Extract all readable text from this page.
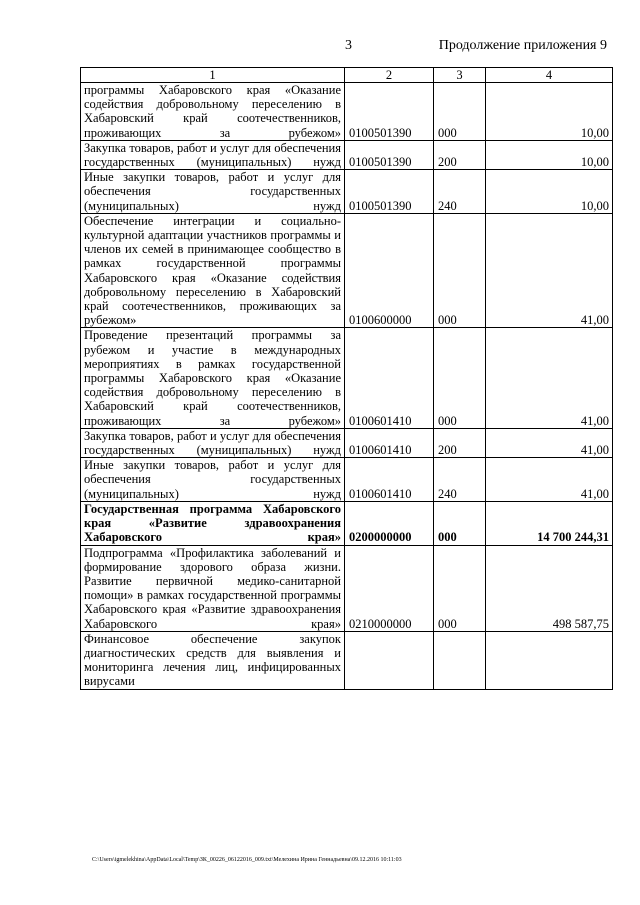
3	Продолжение приложения 9
1	2	3	4
программы Хабаровского края «Оказание содействия добровольному переселению в Хабаровский край соотечественников, проживающих за рубежом»	0100501390	000	10,00
Закупка товаров, работ и услуг для обеспечения государственных (муниципальных) нужд	0100501390	200	10,00
Иные закупки товаров, работ и услуг для обеспечения государственных (муниципальных) нужд	0100501390	240	10,00
Обеспечение интеграции и социально-культурной адаптации участников программы и членов их семей в принимающее сообщество в рамках государственной программы Хабаровского края «Оказание содействия добровольному переселению в Хабаровский край соотечественников, проживающих за рубежом»	0100600000	000	41,00
Проведение презентаций программы за рубежом и участие в международных мероприятиях в рамках государственной программы Хабаровского края «Оказание содействия добровольному переселению в Хабаровский край соотечественников, проживающих за рубежом»	0100601410	000	41,00
Закупка товаров, работ и услуг для обеспечения государственных (муниципальных) нужд	0100601410	200	41,00
Иные закупки товаров, работ и услуг для обеспечения государственных (муниципальных) нужд	0100601410	240	41,00
Государственная программа Хабаровского края «Развитие здравоохранения Хабаровского края»	0200000000	000	14 700 244,31
Подпрограмма «Профилактика заболеваний и формирование здорового образа жизни. Развитие первичной медико-санитарной помощи» в рамках государственной программы Хабаровского края «Развитие здравоохранения Хабаровского края»	0210000000	000	498 587,75
Финансовое обеспечение закупок диагностических средств для выявления и мониторинга лечения лиц, инфицированных вирусами			
C:\Users\igmelekhina\AppData\Local\Temp\ЗК_00226_06122016_009.txt\Мелехина Ирина Геннадьевна\09.12.2016 10:11:03
